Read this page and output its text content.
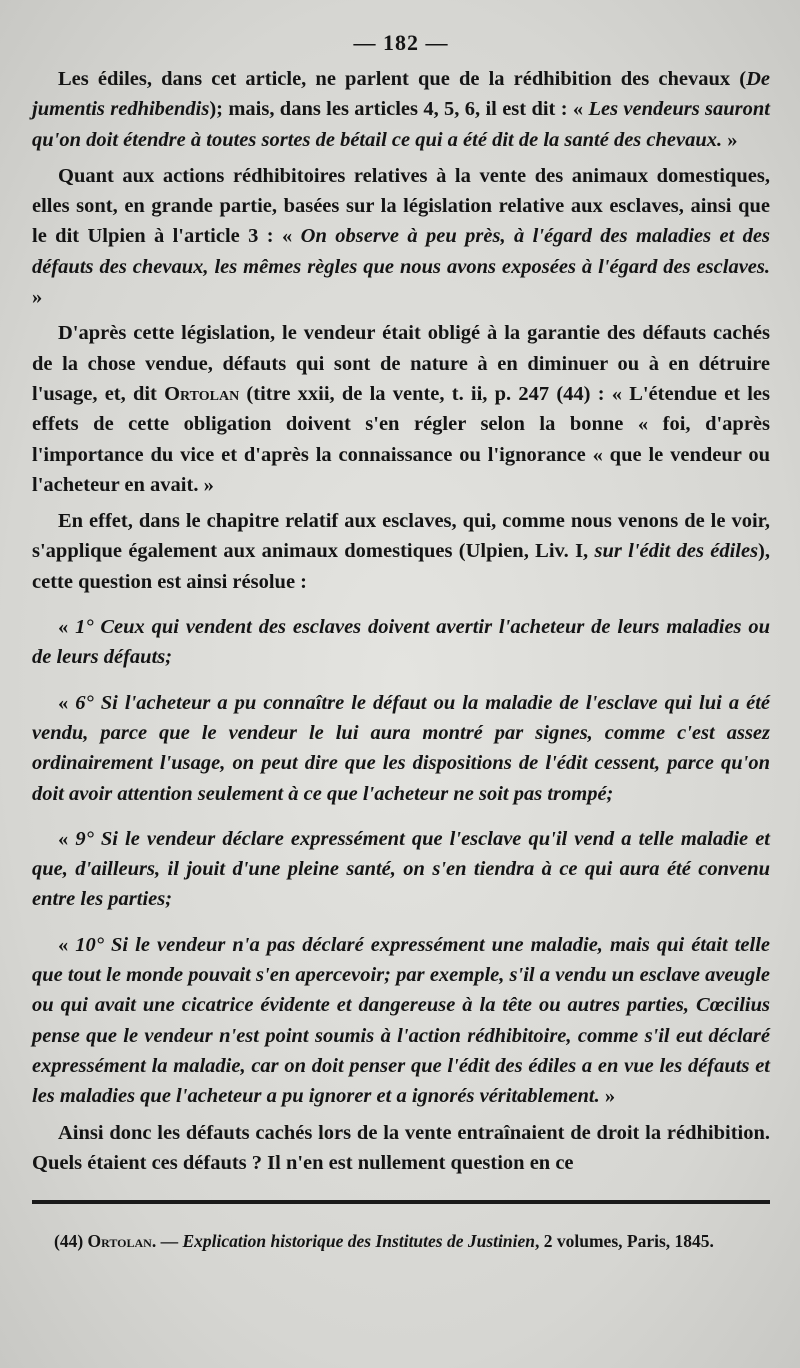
— 182 —

Les édiles, dans cet article, ne parlent que de la rédhibition des chevaux (De jumentis redhibendis); mais, dans les articles 4, 5, 6, il est dit : « Les vendeurs sauront qu'on doit étendre à toutes sortes de bétail ce qui a été dit de la santé des chevaux. »

Quant aux actions rédhibitoires relatives à la vente des animaux domestiques, elles sont, en grande partie, basées sur la législation relative aux esclaves, ainsi que le dit Ulpien à l'article 3 : « On observe à peu près, à l'égard des maladies et des défauts des chevaux, les mêmes règles que nous avons exposées à l'égard des esclaves. »

D'après cette législation, le vendeur était obligé à la garantie des défauts cachés de la chose vendue, défauts qui sont de nature à en diminuer ou à en détruire l'usage, et, dit Ortolan (titre xxii, de la vente, t. ii, p. 247 (44) : « L'étendue et les effets de cette obligation doivent s'en régler selon la bonne « foi, d'après l'importance du vice et d'après la connaissance ou l'ignorance « que le vendeur ou l'acheteur en avait. »

En effet, dans le chapitre relatif aux esclaves, qui, comme nous venons de le voir, s'applique également aux animaux domestiques (Ulpien, Liv. I, sur l'édit des édiles), cette question est ainsi résolue :

« 1° Ceux qui vendent des esclaves doivent avertir l'acheteur de leurs maladies ou de leurs défauts;

« 6° Si l'acheteur a pu connaître le défaut ou la maladie de l'esclave qui lui a été vendu, parce que le vendeur le lui aura montré par signes, comme c'est assez ordinairement l'usage, on peut dire que les dispositions de l'édit cessent, parce qu'on doit avoir attention seulement à ce que l'acheteur ne soit pas trompé;

« 9° Si le vendeur déclare expressément que l'esclave qu'il vend a telle maladie et que, d'ailleurs, il jouit d'une pleine santé, on s'en tiendra à ce qui aura été convenu entre les parties;

« 10° Si le vendeur n'a pas déclaré expressément une maladie, mais qui était telle que tout le monde pouvait s'en apercevoir; par exemple, s'il a vendu un esclave aveugle ou qui avait une cicatrice évidente et dangereuse à la tête ou autres parties, Cœcilius pense que le vendeur n'est point soumis à l'action rédhibitoire, comme s'il eut déclaré expressément la maladie, car on doit penser que l'édit des édiles a en vue les défauts et les maladies que l'acheteur a pu ignorer et a ignorés véritablement. »

Ainsi donc les défauts cachés lors de la vente entraînaient de droit la rédhibition. Quels étaient ces défauts ? Il n'en est nullement question en ce

(44) Ortolan. — Explication historique des Institutes de Justinien, 2 volumes, Paris, 1845.
